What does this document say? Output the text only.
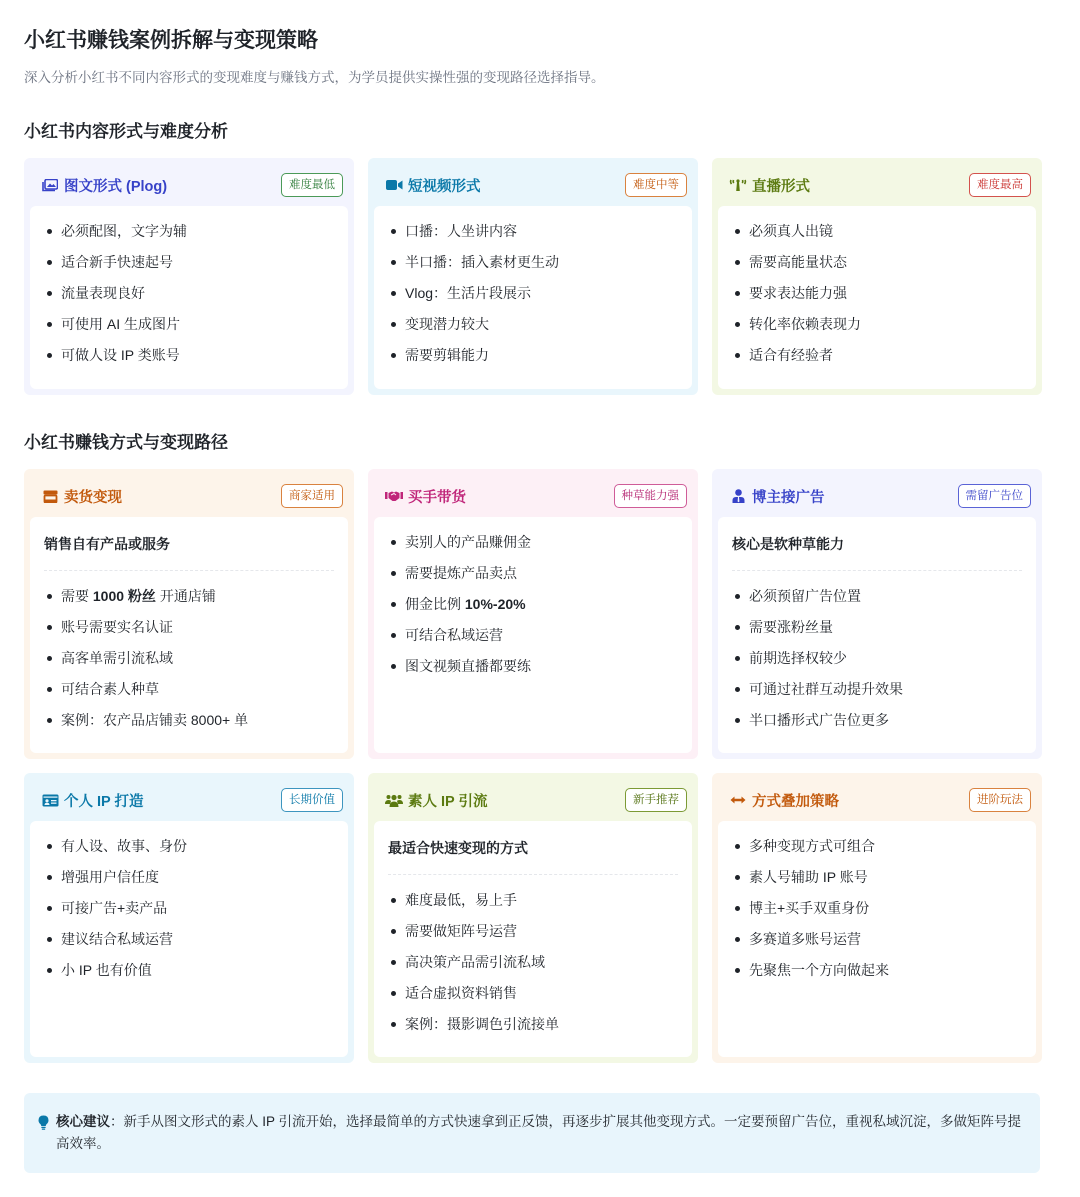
小红书赚钱案例拆解与变现策略

深入分析小红书不同内容形式的变现难度与赚钱方式，为学员提供实操性强的变现路径选择指导。

小红书内容形式与难度分析
图文形式 (Plog)	难度最低
必须配图，文字为辅
适合新手快速起号
流量表现良好
可使用 AI 生成图片
可做人设 IP 类账号
短视频形式	难度中等
口播：人坐讲内容
半口播：插入素材更生动
Vlog：生活片段展示
变现潜力较大
需要剪辑能力
直播形式	难度最高
必须真人出镜
需要高能量状态
要求表达能力强
转化率依赖表现力
适合有经验者
小红书赚钱方式与变现路径
卖货变现	商家适用
销售自有产品或服务
需要 1000 粉丝 开通店铺
账号需要实名认证
高客单需引流私域
可结合素人种草
案例：农产品店铺卖 8000+ 单
买手带货	种草能力强
卖别人的产品赚佣金
需要提炼产品卖点
佣金比例 10%-20%
可结合私域运营
图文视频直播都要练
博主接广告	需留广告位
核心是软种草能力
必须预留广告位置
需要涨粉丝量
前期选择权较少
可通过社群互动提升效果
半口播形式广告位更多
个人 IP 打造	长期价值
有人设、故事、身份
增强用户信任度
可接广告+卖产品
建议结合私域运营
小 IP 也有价值
素人 IP 引流	新手推荐
最适合快速变现的方式
难度最低，易上手
需要做矩阵号运营
高决策产品需引流私域
适合虚拟资料销售
案例：摄影调色引流接单
方式叠加策略	进阶玩法
多种变现方式可组合
素人号辅助 IP 账号
博主+买手双重身份
多赛道多账号运营
先聚焦一个方向做起来

核心建议：新手从图文形式的素人 IP 引流开始，选择最简单的方式快速拿到正反馈，再逐步扩展其他变现方式。一定要预留广告位，重视私域沉淀，多做矩阵号提高效率。
